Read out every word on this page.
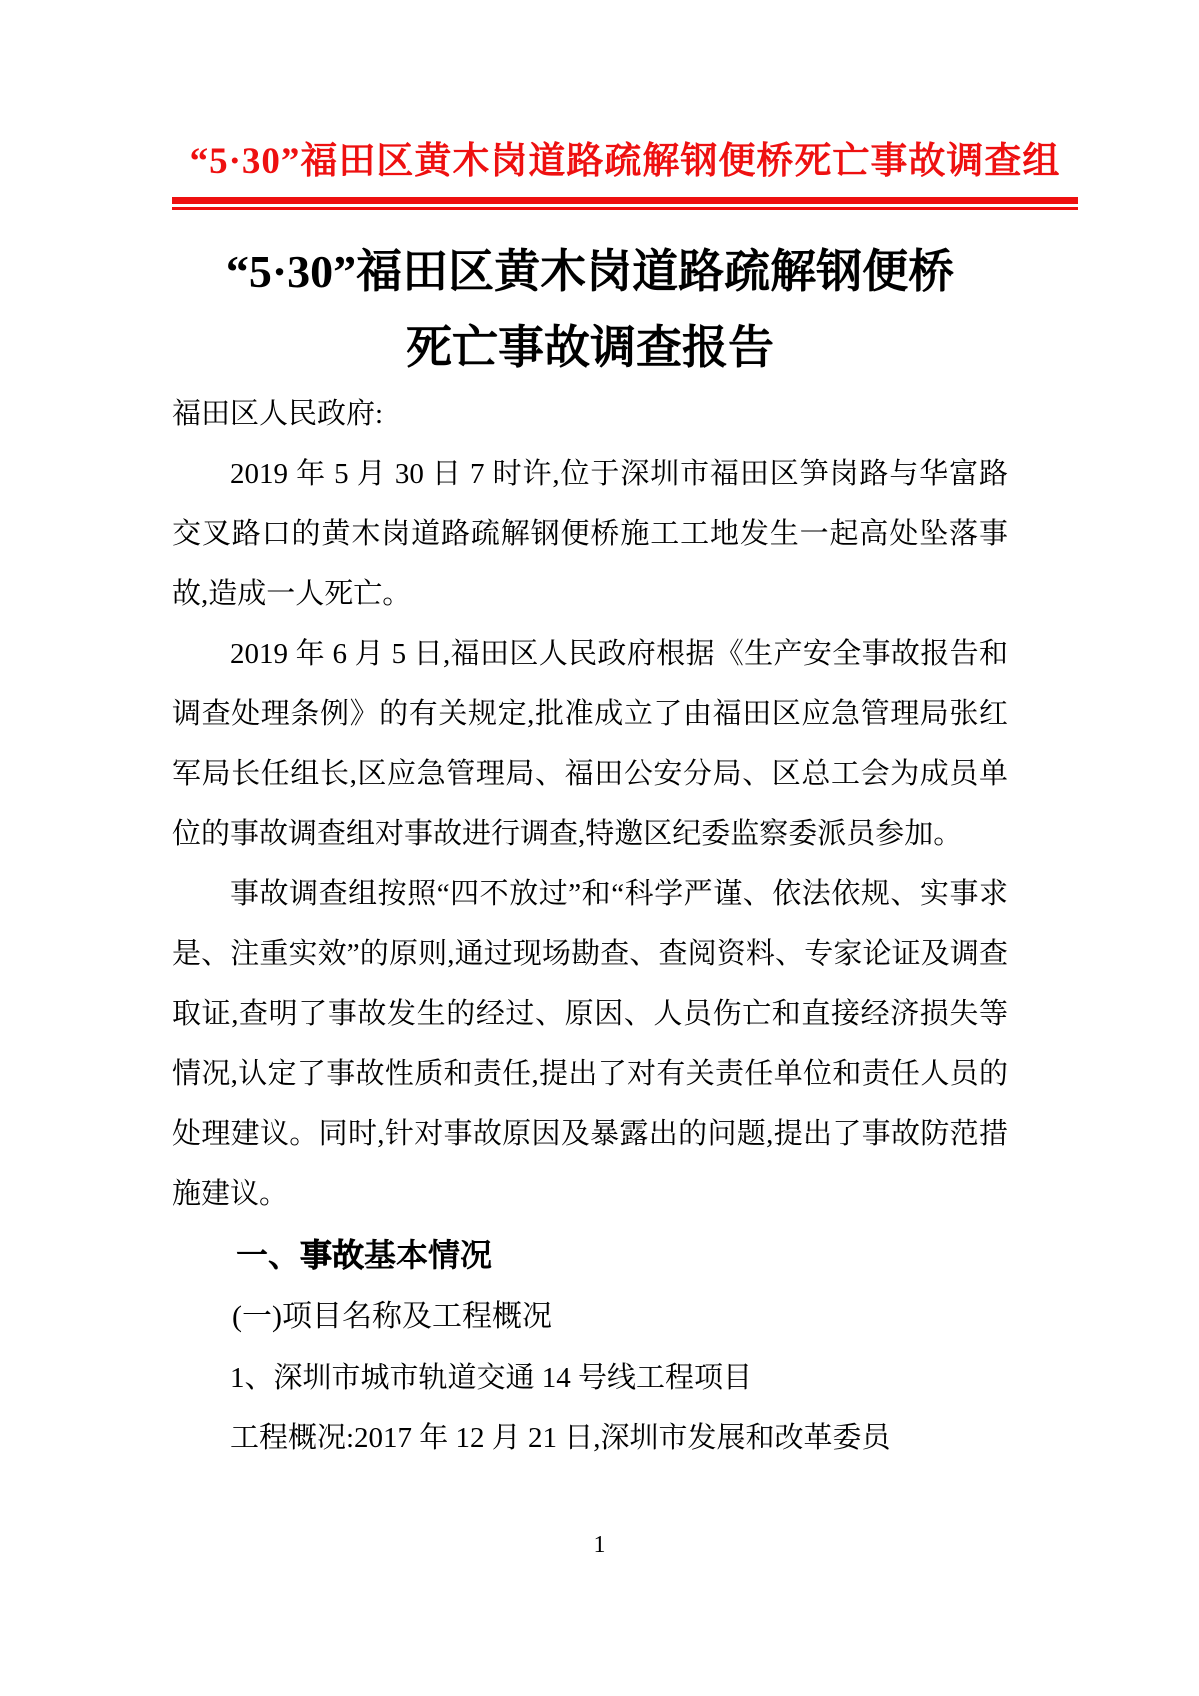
“5·30”福田区黄木岗道路疏解钢便桥死亡事故调查组
“5·30”福田区黄木岗道路疏解钢便桥
死亡事故调查报告

福田区人民政府:

2019 年 5 月 30 日 7 时许,位于深圳市福田区笋岗路与华富路交叉路口的黄木岗道路疏解钢便桥施工工地发生一起高处坠落事故,造成一人死亡。

2019 年 6 月 5 日,福田区人民政府根据《生产安全事故报告和调查处理条例》的有关规定,批准成立了由福田区应急管理局张红军局长任组长,区应急管理局、福田公安分局、区总工会为成员单位的事故调查组对事故进行调查,特邀区纪委监察委派员参加。

事故调查组按照“四不放过”和“科学严谨、依法依规、实事求是、注重实效”的原则,通过现场勘查、查阅资料、专家论证及调查取证,查明了事故发生的经过、原因、人员伤亡和直接经济损失等情况,认定了事故性质和责任,提出了对有关责任单位和责任人员的处理建议。同时,针对事故原因及暴露出的问题,提出了事故防范措施建议。

一、事故基本情况

(一)项目名称及工程概况

1、深圳市城市轨道交通 14 号线工程项目

工程概况:2017 年 12 月 21 日,深圳市发展和改革委员

1
